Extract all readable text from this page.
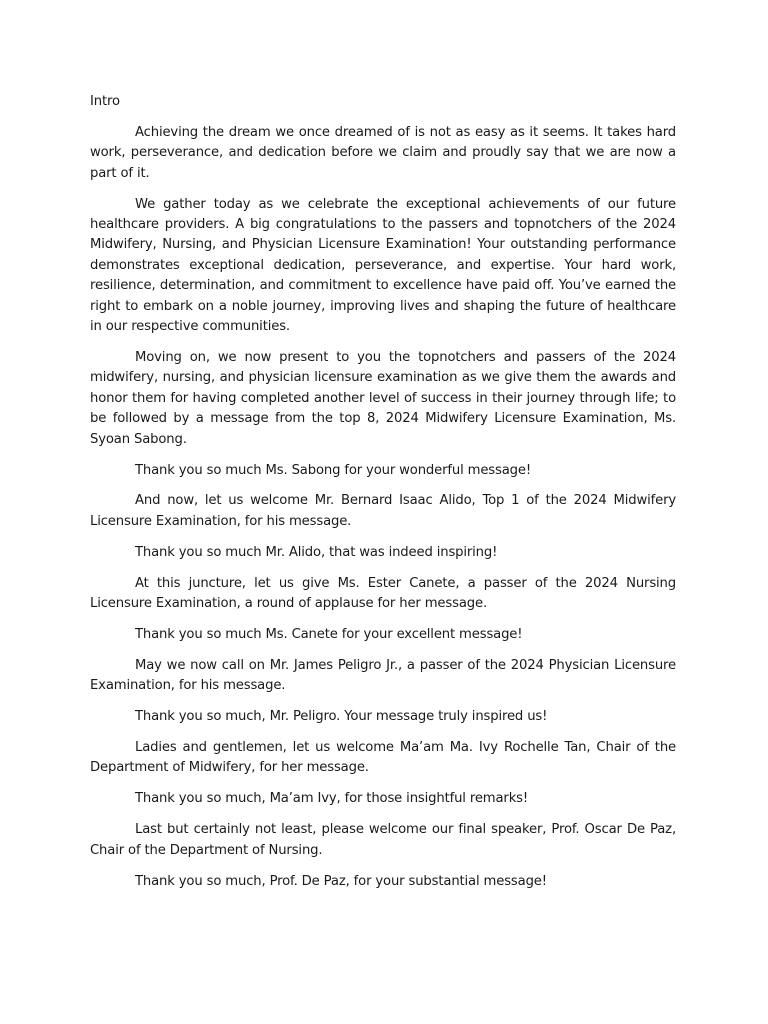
Intro

Achieving the dream we once dreamed of is not as easy as it seems. It takes hard work, perseverance, and dedication before we claim and proudly say that we are now a part of it.

We gather today as we celebrate the exceptional achievements of our future healthcare providers. A big congratulations to the passers and topnotchers of the 2024 Midwifery, Nursing, and Physician Licensure Examination! Your outstanding performance demonstrates exceptional dedication, perseverance, and expertise. Your hard work, resilience, determination, and commitment to excellence have paid off. You’ve earned the right to embark on a noble journey, improving lives and shaping the future of healthcare in our respective communities.

Moving on, we now present to you the topnotchers and passers of the 2024 midwifery, nursing, and physician licensure examination as we give them the awards and honor them for having completed another level of success in their journey through life; to be followed by a message from the top 8, 2024 Midwifery Licensure Examination, Ms. Syoan Sabong.

Thank you so much Ms. Sabong for your wonderful message!

And now, let us welcome Mr. Bernard Isaac Alido, Top 1 of the 2024 Midwifery Licensure Examination, for his message.

Thank you so much Mr. Alido, that was indeed inspiring!

At this juncture, let us give Ms. Ester Canete, a passer of the 2024 Nursing Licensure Examination, a round of applause for her message.

Thank you so much Ms. Canete for your excellent message!

May we now call on Mr. James Peligro Jr., a passer of the 2024 Physician Licensure Examination, for his message.

Thank you so much, Mr. Peligro. Your message truly inspired us!

Ladies and gentlemen, let us welcome Ma’am Ma. Ivy Rochelle Tan, Chair of the Department of Midwifery, for her message.

Thank you so much, Ma’am Ivy, for those insightful remarks!

Last but certainly not least, please welcome our final speaker, Prof. Oscar De Paz, Chair of the Department of Nursing.

Thank you so much, Prof. De Paz, for your substantial message!
